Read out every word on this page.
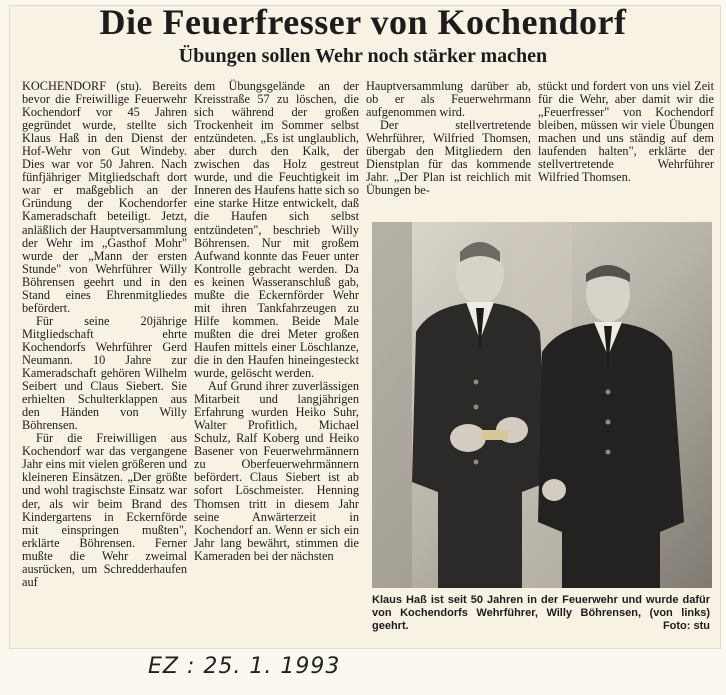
Die Feuerfresser von Kochendorf
Übungen sollen Wehr noch stärker machen

KOCHENDORF (stu). Bereits bevor die Freiwillige Feuerwehr Kochendorf vor 45 Jahren gegründet wurde, stellte sich Klaus Haß in den Dienst der Hof-Wehr von Gut Windeby. Dies war vor 50 Jahren. Nach fünfjähriger Mitgliedschaft dort war er maßgeblich an der Gründung der Kochendorfer Kameradschaft beteiligt. Jetzt, anläßlich der Hauptversammlung der Wehr im „Gasthof Mohr" wurde der „Mann der ersten Stunde" von Wehrführer Willy Böhrensen geehrt und in den Stand eines Ehrenmitgliedes befördert.

Für seine 20jährige Mitgliedschaft ehrte Kochendorfs Wehrführer Gerd Neumann. 10 Jahre zur Kameradschaft gehören Wilhelm Seibert und Claus Siebert. Sie erhielten Schulterklappen aus den Händen von Willy Böhrensen.

Für die Freiwilligen aus Kochendorf war das vergangene Jahr eins mit vielen größeren und kleineren Einsätzen. „Der größte und wohl tragischste Einsatz war der, als wir beim Brand des Kindergartens in Eckernförde mit einspringen mußten", erklärte Böhrensen. Ferner mußte die Wehr zweimal ausrücken, um Schredderhaufen auf

dem Übungsgelände an der Kreisstraße 57 zu löschen, die sich während der großen Trockenheit im Sommer selbst entzündeten. „Es ist unglaublich, aber durch den Kalk, der zwischen das Holz gestreut wurde, und die Feuchtigkeit im Inneren des Haufens hatte sich so eine starke Hitze entwickelt, daß die Haufen sich selbst entzündeten", beschrieb Willy Böhrensen. Nur mit großem Aufwand konnte das Feuer unter Kontrolle gebracht werden. Da es keinen Wasseranschluß gab, mußte die Eckernförder Wehr mit ihren Tankfahrzeugen zu Hilfe kommen. Beide Male mußten die drei Meter großen Haufen mittels einer Löschlanze, die in den Haufen hineingesteckt wurde, gelöscht werden.

Auf Grund ihrer zuverlässigen Mitarbeit und langjährigen Erfahrung wurden Heiko Suhr, Walter Profitlich, Michael Schulz, Ralf Koberg und Heiko Basener von Feuerwehrmännern zu Oberfeuerwehrmännern befördert. Claus Siebert ist ab sofort Löschmeister. Henning Thomsen tritt in diesem Jahr seine Anwärterzeit in Kochendorf an. Wenn er sich ein Jahr lang bewährt, stimmen die Kameraden bei der nächsten

Hauptversammlung darüber ab, ob er als Feuerwehrmann aufgenommen wird.

Der stellvertretende Wehrführer, Wilfried Thomsen, übergab den Mitgliedern den Dienstplan für das kommende Jahr. „Der Plan ist reichlich mit Übungen be-

stückt und fordert von uns viel Zeit für die Wehr, aber damit wir die „Feuerfresser" von Kochendorf bleiben, müssen wir viele Übungen machen und uns ständig auf dem laufenden halten", erklärte der stellvertretende Wehrführer Wilfried Thomsen.

Klaus Haß ist seit 50 Jahren in der Feuerwehr und wurde dafür von Kochendorfs Wehrführer, Willy Böhrensen, (von links) geehrt.	Foto: stu
EZ : 25. 1. 1993
